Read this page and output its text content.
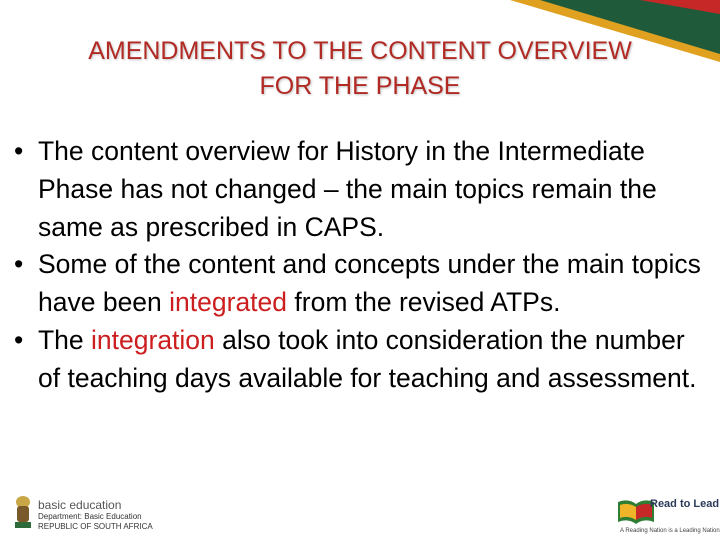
AMENDMENTS TO THE CONTENT OVERVIEW
FOR THE PHASE
• The content overview for History in the Intermediate Phase has not changed – the main topics remain the same as prescribed in CAPS.
• Some of the content and concepts under the main topics have been integrated from the revised ATPs.
• The integration also took into consideration the number of teaching days available for teaching and assessment.
basic education
Department: Basic Education
REPUBLIC OF SOUTH AFRICA
Read to Lead
A Reading Nation is a Leading Nation
